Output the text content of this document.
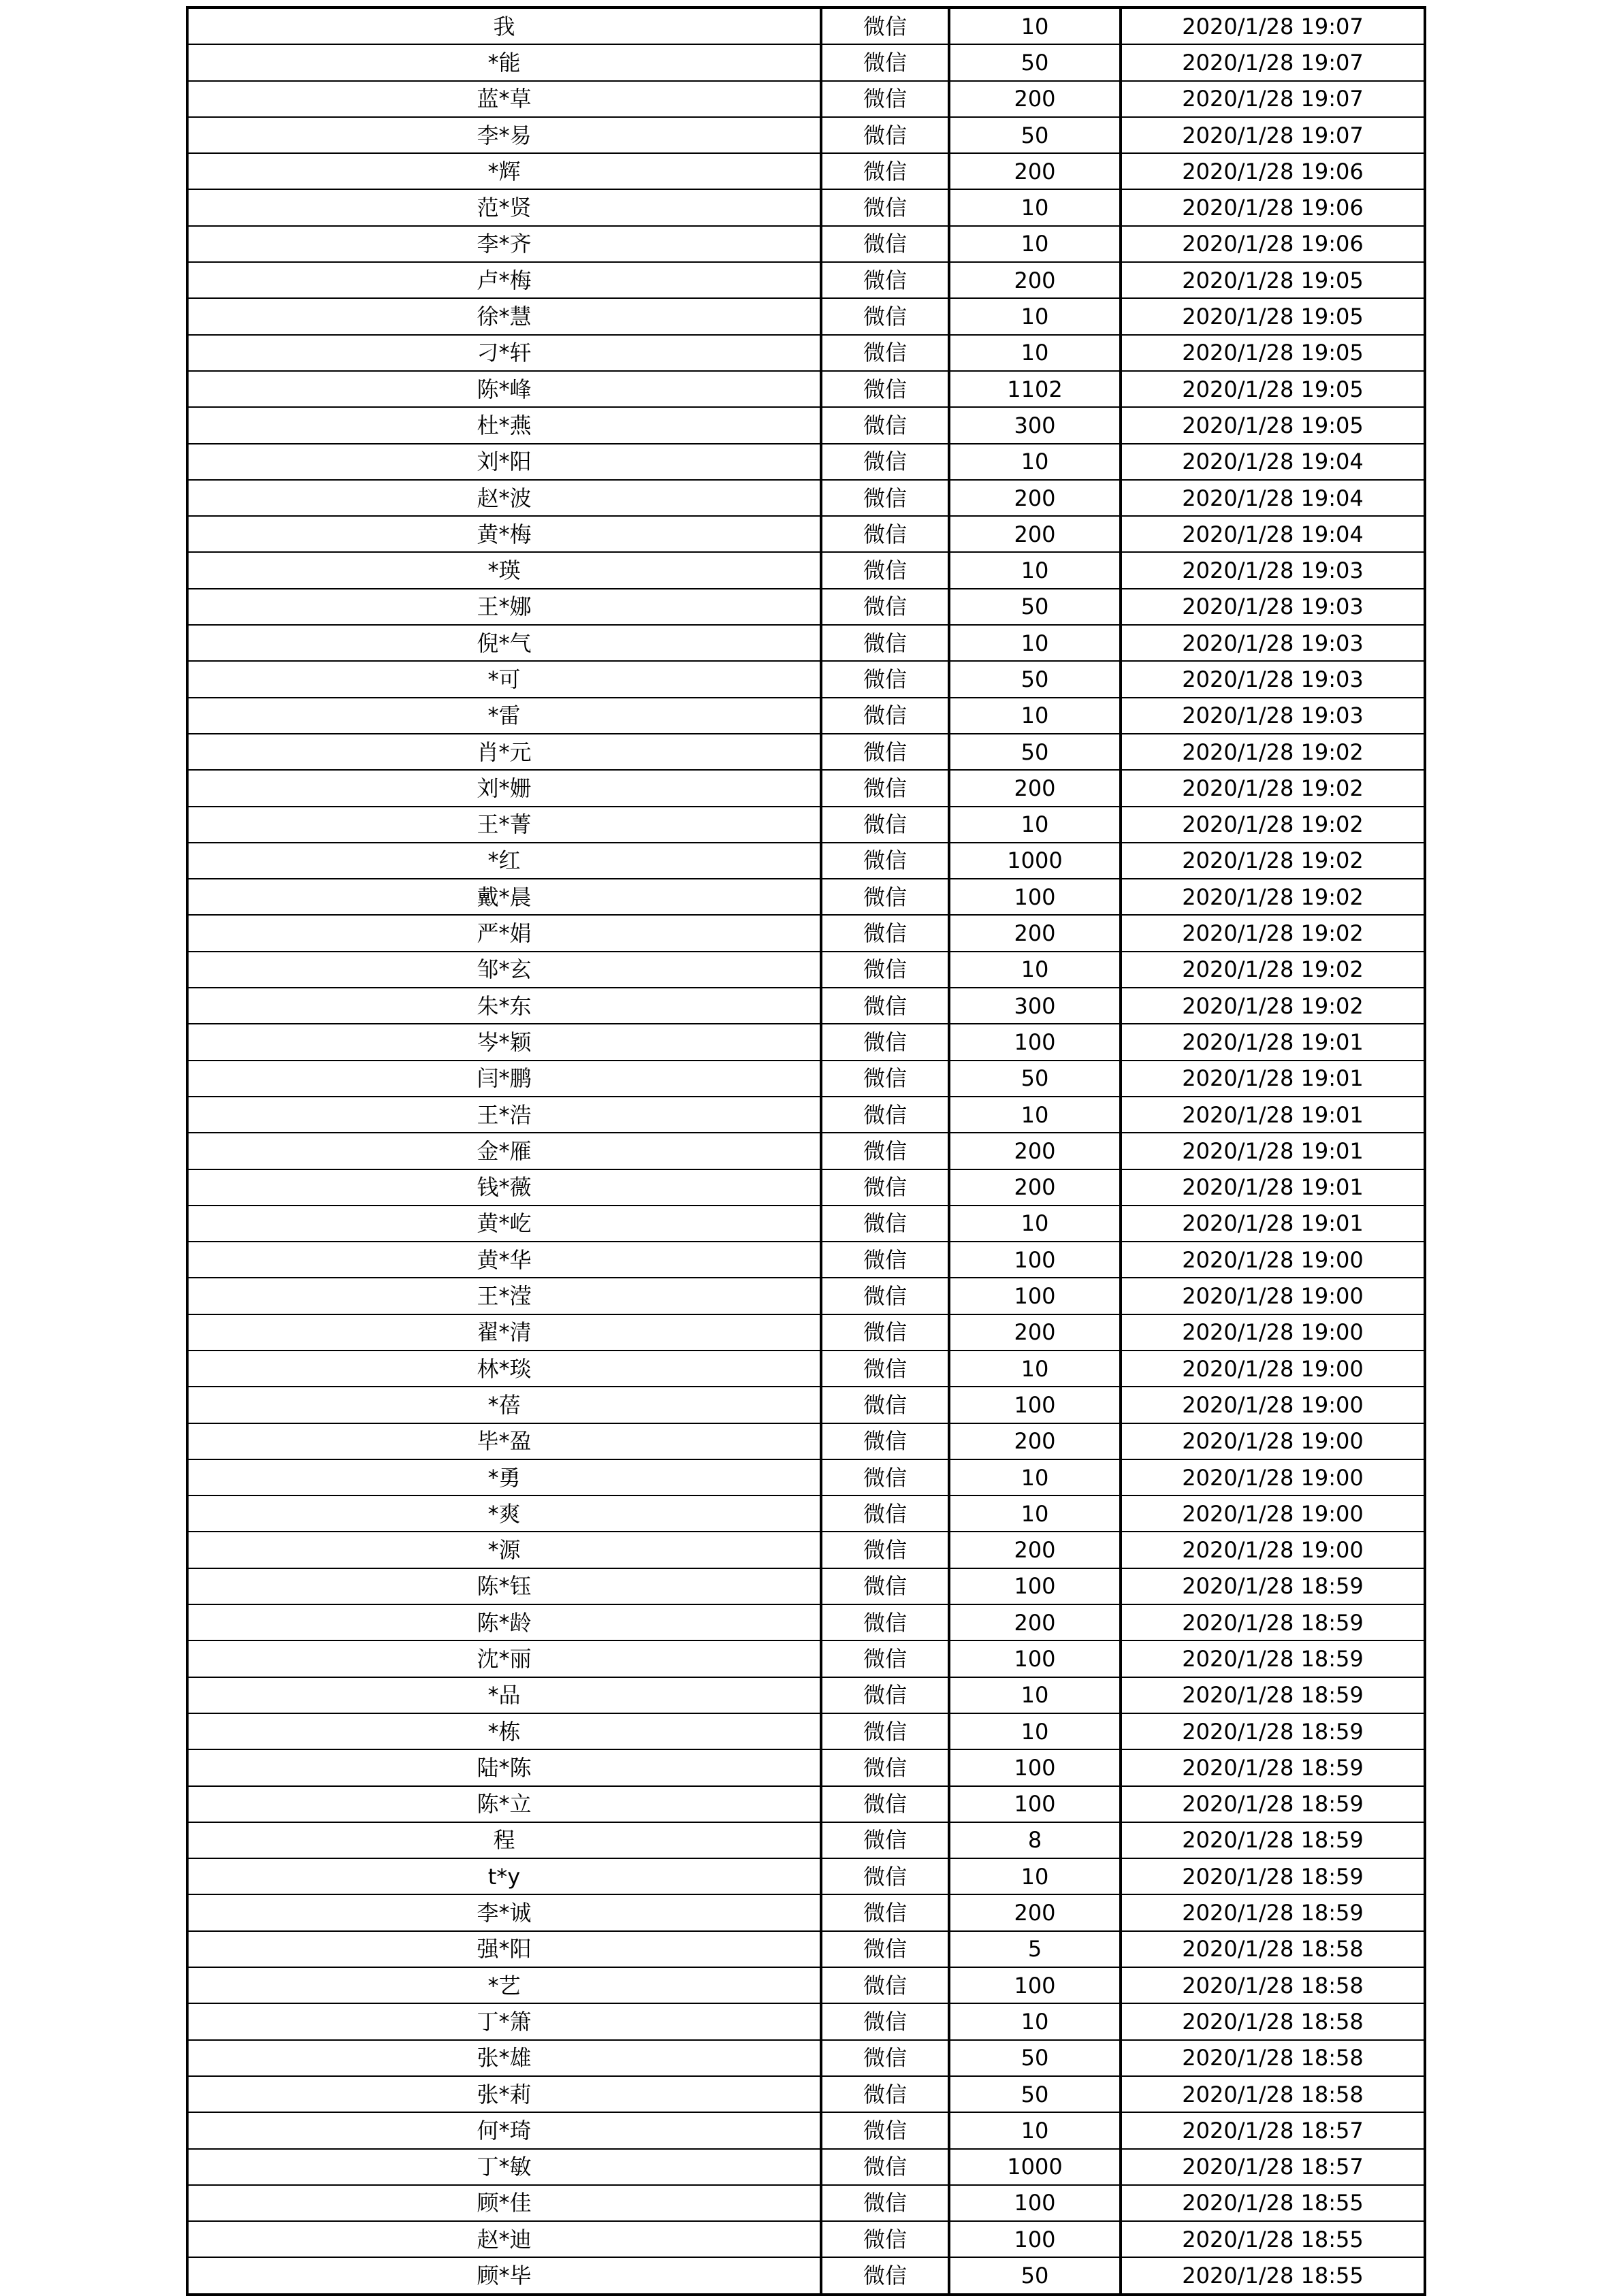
我	微信	10	2020/1/28 19:07
*能	微信	50	2020/1/28 19:07
蓝*草	微信	200	2020/1/28 19:07
李*易	微信	50	2020/1/28 19:07
*辉	微信	200	2020/1/28 19:06
范*贤	微信	10	2020/1/28 19:06
李*齐	微信	10	2020/1/28 19:06
卢*梅	微信	200	2020/1/28 19:05
徐*慧	微信	10	2020/1/28 19:05
刁*轩	微信	10	2020/1/28 19:05
陈*峰	微信	1102	2020/1/28 19:05
杜*燕	微信	300	2020/1/28 19:05
刘*阳	微信	10	2020/1/28 19:04
赵*波	微信	200	2020/1/28 19:04
黄*梅	微信	200	2020/1/28 19:04
*瑛	微信	10	2020/1/28 19:03
王*娜	微信	50	2020/1/28 19:03
倪*气	微信	10	2020/1/28 19:03
*可	微信	50	2020/1/28 19:03
*雷	微信	10	2020/1/28 19:03
肖*元	微信	50	2020/1/28 19:02
刘*姗	微信	200	2020/1/28 19:02
王*菁	微信	10	2020/1/28 19:02
*红	微信	1000	2020/1/28 19:02
戴*晨	微信	100	2020/1/28 19:02
严*娟	微信	200	2020/1/28 19:02
邹*玄	微信	10	2020/1/28 19:02
朱*东	微信	300	2020/1/28 19:02
岑*颖	微信	100	2020/1/28 19:01
闫*鹏	微信	50	2020/1/28 19:01
王*浩	微信	10	2020/1/28 19:01
金*雁	微信	200	2020/1/28 19:01
钱*薇	微信	200	2020/1/28 19:01
黄*屹	微信	10	2020/1/28 19:01
黄*华	微信	100	2020/1/28 19:00
王*滢	微信	100	2020/1/28 19:00
翟*清	微信	200	2020/1/28 19:00
林*琰	微信	10	2020/1/28 19:00
*蓓	微信	100	2020/1/28 19:00
毕*盈	微信	200	2020/1/28 19:00
*勇	微信	10	2020/1/28 19:00
*爽	微信	10	2020/1/28 19:00
*源	微信	200	2020/1/28 19:00
陈*钰	微信	100	2020/1/28 18:59
陈*龄	微信	200	2020/1/28 18:59
沈*丽	微信	100	2020/1/28 18:59
*品	微信	10	2020/1/28 18:59
*栋	微信	10	2020/1/28 18:59
陆*陈	微信	100	2020/1/28 18:59
陈*立	微信	100	2020/1/28 18:59
程	微信	8	2020/1/28 18:59
t*y	微信	10	2020/1/28 18:59
李*诚	微信	200	2020/1/28 18:59
强*阳	微信	5	2020/1/28 18:58
*艺	微信	100	2020/1/28 18:58
丁*箫	微信	10	2020/1/28 18:58
张*雄	微信	50	2020/1/28 18:58
张*莉	微信	50	2020/1/28 18:58
何*琦	微信	10	2020/1/28 18:57
丁*敏	微信	1000	2020/1/28 18:57
顾*佳	微信	100	2020/1/28 18:55
赵*迪	微信	100	2020/1/28 18:55
顾*毕	微信	50	2020/1/28 18:55
